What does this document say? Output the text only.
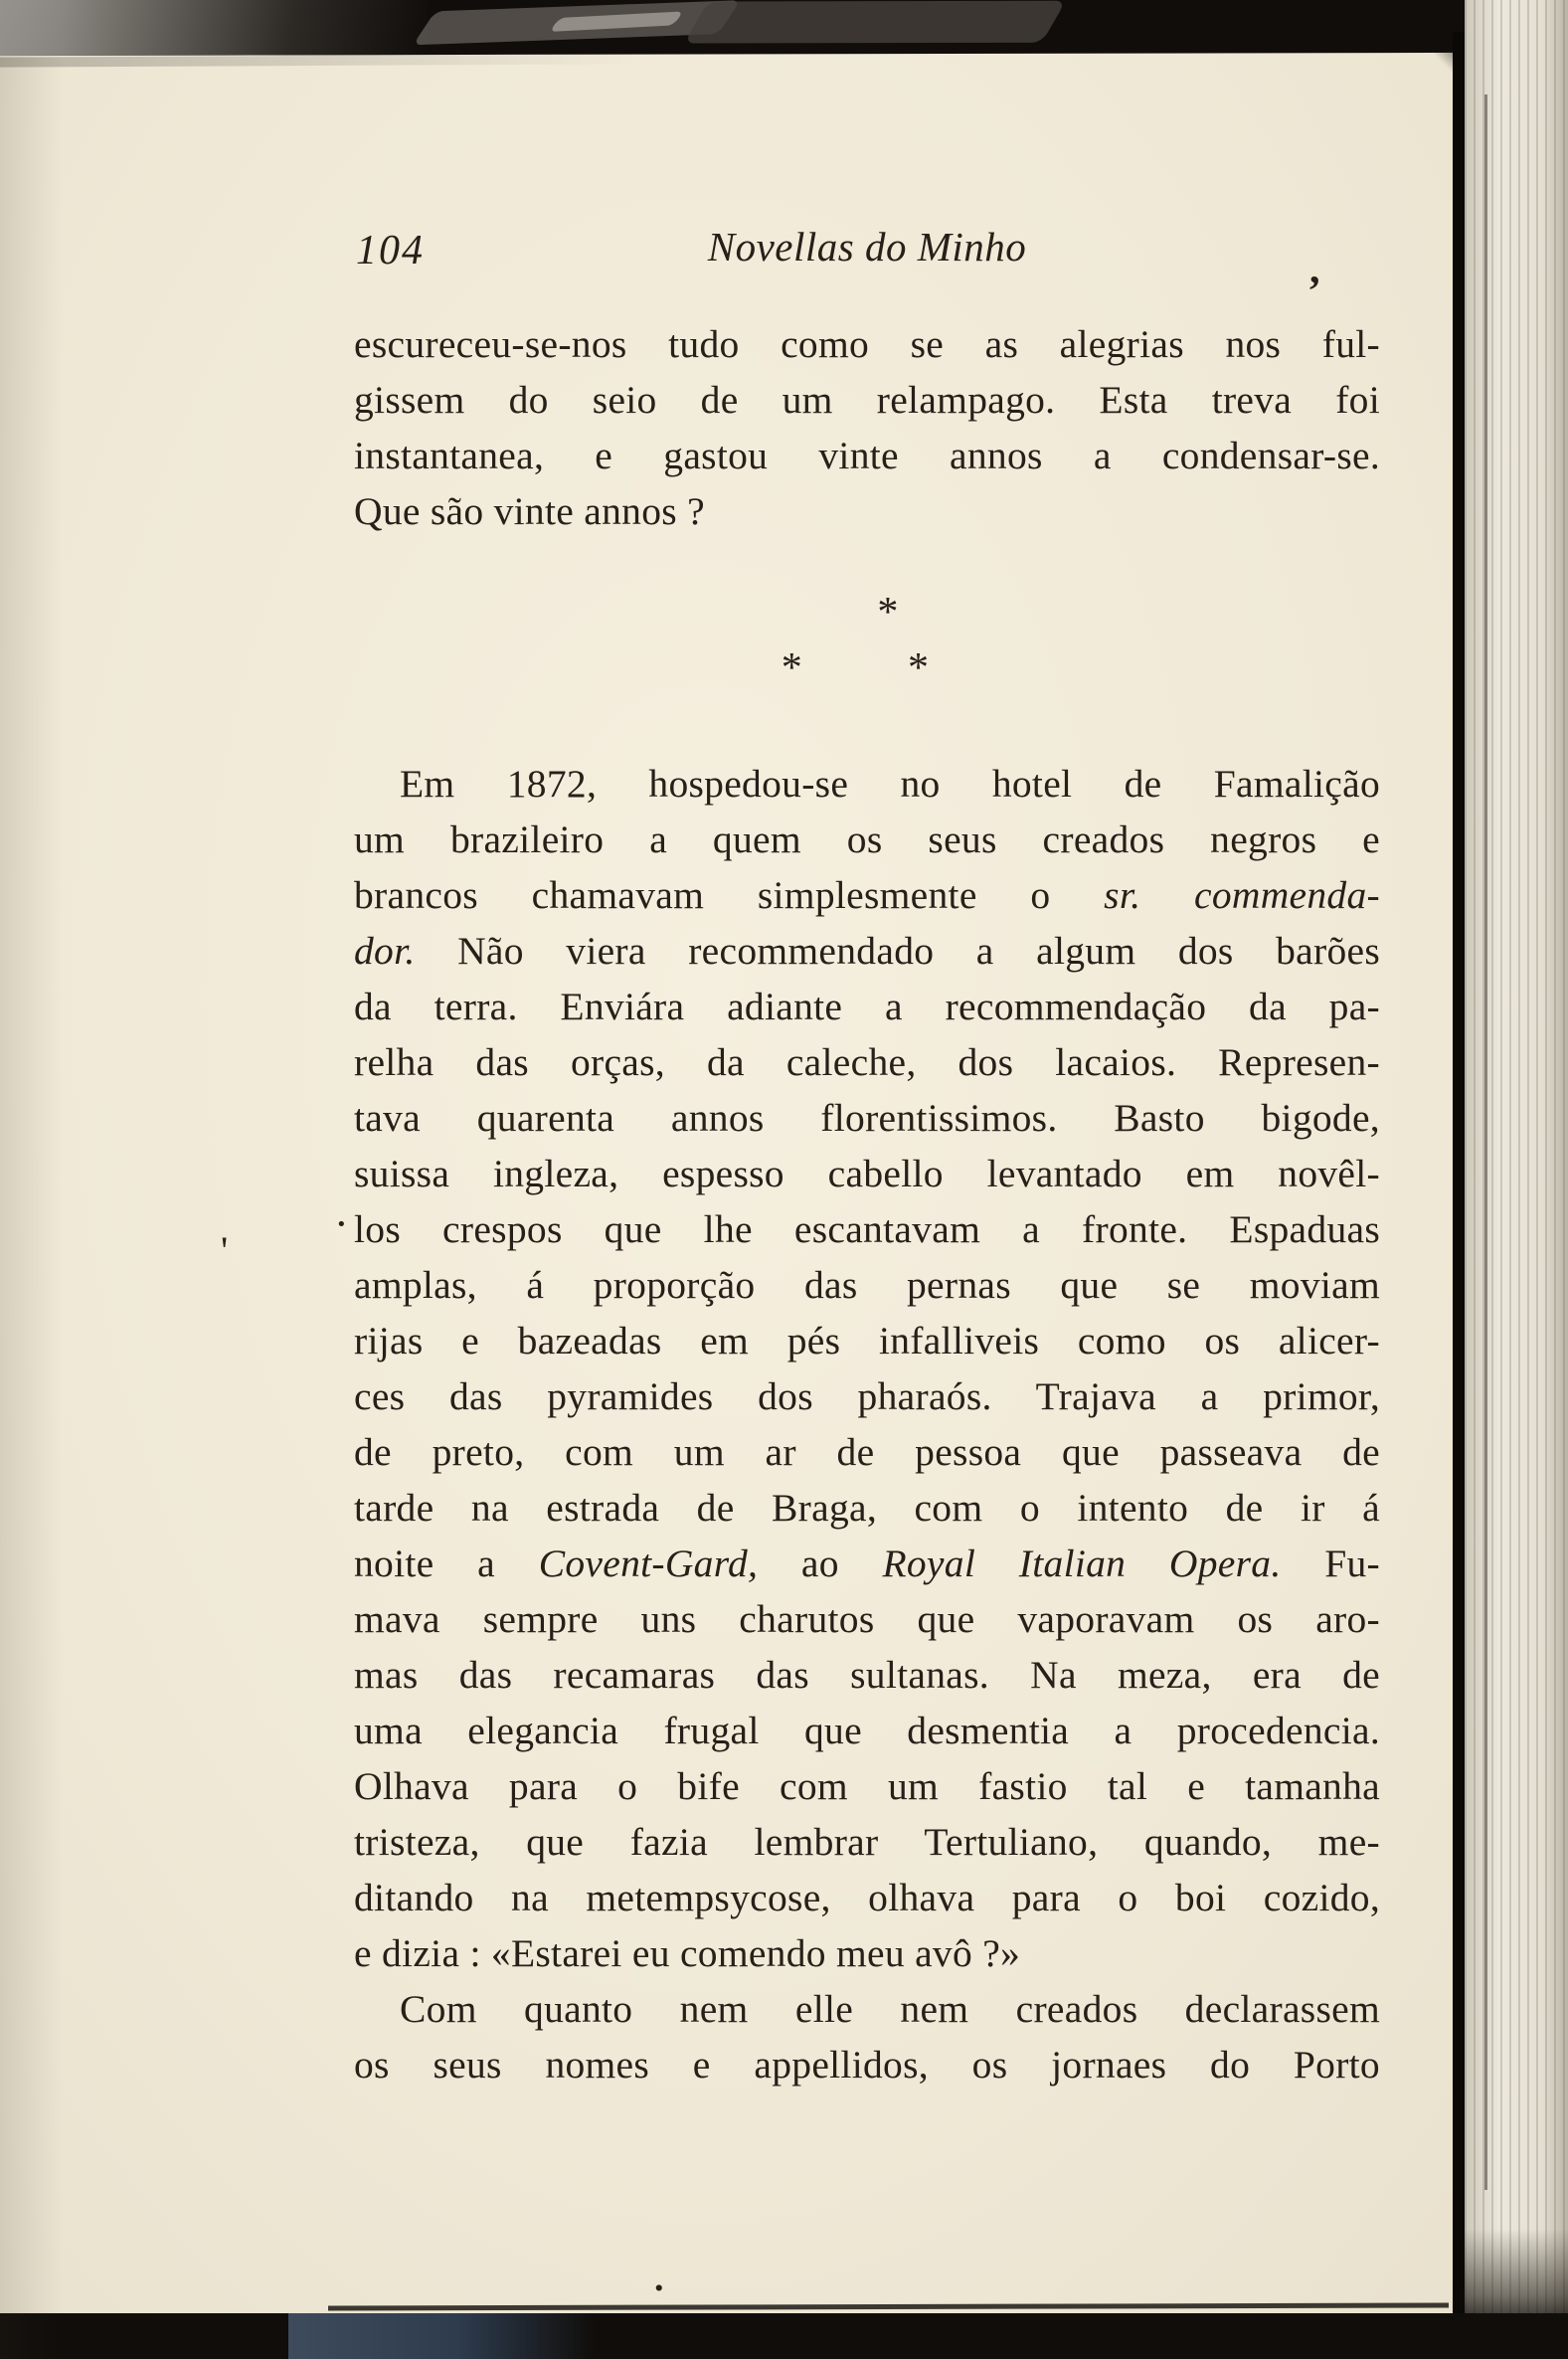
104	Novellas do Minho	,
escureceu-se-nos tudo como se as alegrias nos ful-
gissem do seio de um relampago. Esta treva foi
instantanea, e gastou vinte annos a condensar-se.
Que são vinte annos ?
*
*	*
Em 1872, hospedou-se no hotel de Famalição
um brazileiro a quem os seus creados negros e
brancos chamavam simplesmente o sr. commenda-
dor. Não viera recommendado a algum dos barões
da terra. Enviára adiante a recommendação da pa-
relha das orças, da caleche, dos lacaios. Represen-
tava quarenta annos florentissimos. Basto bigode,
suissa ingleza, espesso cabello levantado em novêl-
los crespos que lhe escantavam a fronte. Espaduas
amplas, á proporção das pernas que se moviam
rijas e bazeadas em pés infalliveis como os alicer-
ces das pyramides dos pharaós. Trajava a primor,
de preto, com um ar de pessoa que passeava de
tarde na estrada de Braga, com o intento de ir á
noite a Covent-Gard, ao Royal Italian Opera. Fu-
mava sempre uns charutos que vaporavam os aro-
mas das recamaras das sultanas. Na meza, era de
uma elegancia frugal que desmentia a procedencia.
Olhava para o bife com um fastio tal e tamanha
tristeza, que fazia lembrar Tertuliano, quando, me-
ditando na metempsycose, olhava para o boi cozido,
e dizia : «Estarei eu comendo meu avô ?»
Com quanto nem elle nem creados declarassem
os seus nomes e appellidos, os jornaes do Porto
'
·
.
